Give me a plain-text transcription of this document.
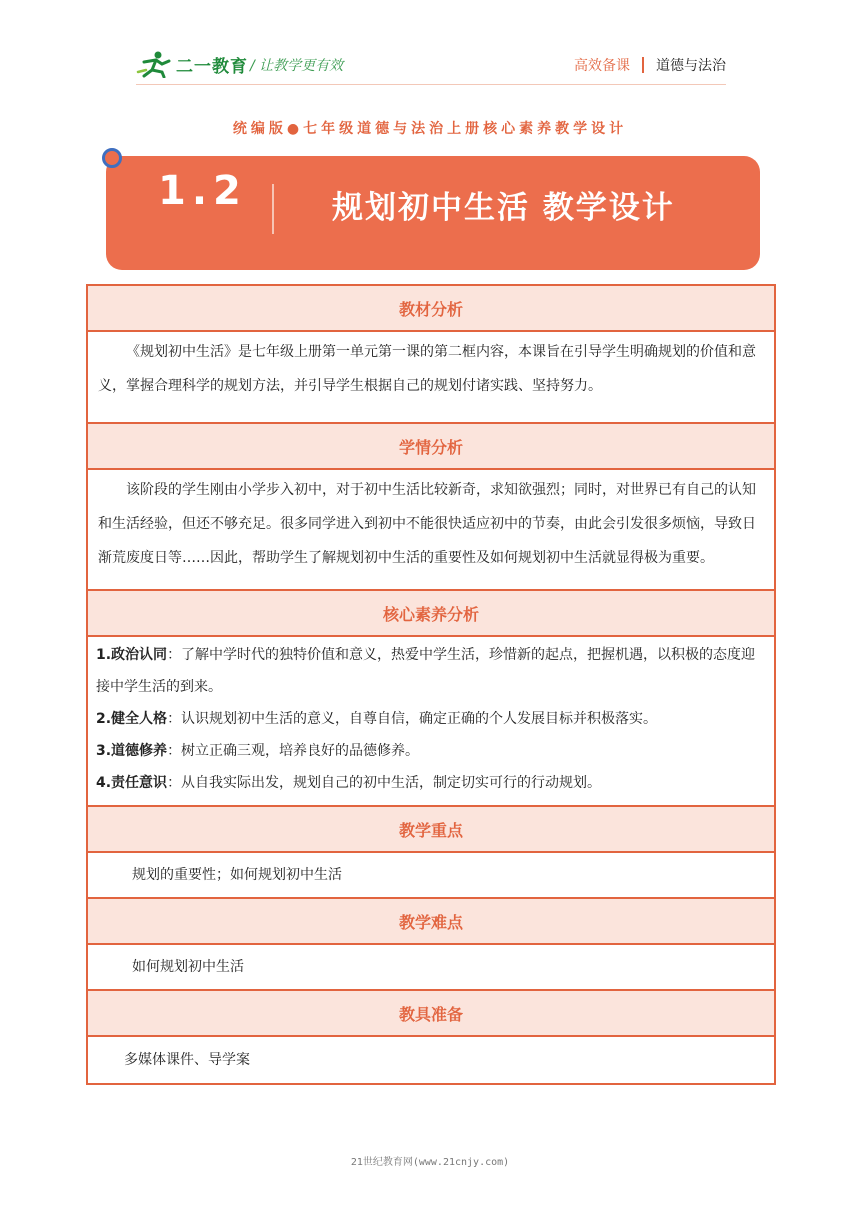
二一教育 / 让教学更有效	高效备课 道德与法治
统编版●七年级道德与法治上册核心素养教学设计
1.2	规划初中生活 教学设计
教材分析
《规划初中生活》是七年级上册第一单元第一课的第二框内容，本课旨在引导学生明确规划的价值和意义，掌握合理科学的规划方法，并引导学生根据自己的规划付诸实践、坚持努力。
学情分析
该阶段的学生刚由小学步入初中，对于初中生活比较新奇，求知欲强烈；同时，对世界已有自己的认知和生活经验，但还不够充足。很多同学进入到初中不能很快适应初中的节奏，由此会引发很多烦恼，导致日渐荒废度日等……因此，帮助学生了解规划初中生活的重要性及如何规划初中生活就显得极为重要。
核心素养分析

1.政治认同：了解中学时代的独特价值和意义，热爱中学生活，珍惜新的起点，把握机遇，以积极的态度迎接中学生活的到来。

2.健全人格：认识规划初中生活的意义，自尊自信，确定正确的个人发展目标并积极落实。

3.道德修养：树立正确三观，培养良好的品德修养。

4.责任意识：从自我实际出发，规划自己的初中生活，制定切实可行的行动规划。

教学重点
规划的重要性；如何规划初中生活
教学难点
如何规划初中生活
教具准备
多媒体课件、导学案
21世纪教育网(www.21cnjy.com)
